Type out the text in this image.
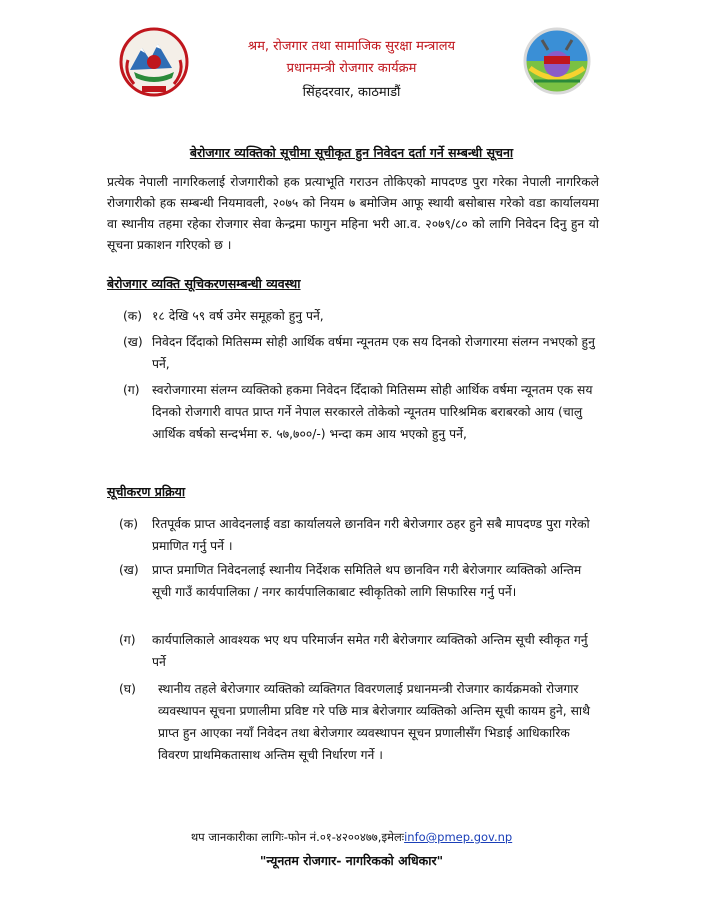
श्रम, रोजगार तथा सामाजिक सुरक्षा मन्त्रालय
प्रधानमन्त्री रोजगार कार्यक्रम
सिंहदरवार, काठमाडौं
बेरोजगार व्यक्तिको सूचीमा सूचीकृत हुन निवेदन दर्ता गर्ने सम्बन्धी सूचना
प्रत्येक नेपाली नागरिकलाई रोजगारीको हक प्रत्याभूति गराउन तोकिएको मापदण्ड पुरा गरेका नेपाली नागरिकले रोजगारीको हक सम्बन्धी नियमावली, २०७५ को नियम ७ बमोजिम आफू स्थायी बसोबास गरेको वडा कार्यालयमा वा स्थानीय तहमा रहेका रोजगार सेवा केन्द्रमा फागुन महिना भरी आ.व. २०७९/८० को लागि निवेदन दिनु हुन यो सूचना प्रकाशन गरिएको छ ।
बेरोजगार व्यक्ति सूचिकरणसम्बन्धी व्यवस्था
(क) १८ देखि ५९ वर्ष उमेर समूहको हुनु पर्ने,
(ख) निवेदन दिँदाको मितिसम्म सोही आर्थिक वर्षमा न्यूनतम एक सय दिनको रोजगारमा संलग्न नभएको हुनु पर्ने,
(ग) स्वरोजगारमा संलग्न व्यक्तिको हकमा निवेदन दिँदाको मितिसम्म सोही आर्थिक वर्षमा न्यूनतम एक सय दिनको रोजगारी वापत प्राप्त गर्ने नेपाल सरकारले तोकेको न्यूनतम पारिश्रमिक बराबरको आय (चालु आर्थिक वर्षको सन्दर्भमा रु. ५७,७००/-) भन्दा कम आय भएको हुनु पर्ने,
सूचीकरण प्रक्रिया
(क) रितपूर्वक प्राप्त आवेदनलाई वडा कार्यालयले छानविन गरी बेरोजगार ठहर हुने सबै मापदण्ड पुरा गरेको प्रमाणित गर्नु पर्ने ।
(ख) प्राप्त प्रमाणित निवेदनलाई स्थानीय निर्देशक समितिले थप छानविन गरी बेरोजगार व्यक्तिको अन्तिम सूची गाउँ कार्यपालिका / नगर कार्यपालिकाबाट स्वीकृतिको लागि सिफारिस गर्नु पर्ने।
(ग) कार्यपालिकाले आवश्यक भए थप परिमार्जन समेत गरी बेरोजगार व्यक्तिको अन्तिम सूची स्वीकृत गर्नु पर्ने
(घ) स्थानीय तहले बेरोजगार व्यक्तिको व्यक्तिगत विवरणलाई प्रधानमन्त्री रोजगार कार्यक्रमको रोजगार व्यवस्थापन सूचना प्रणालीमा प्रविष्ट गरे पछि मात्र बेरोजगार व्यक्तिको अन्तिम सूची कायम हुने, साथै प्राप्त हुन आएका नयाँ निवेदन तथा बेरोजगार व्यवस्थापन सूचन प्रणालीसँग भिडाई आधिकारिक विवरण प्राथमिकतासाथ अन्तिम सूची निर्धारण गर्ने ।
थप जानकारीका लागिः-फोन नं.०१-४२००४७७,इमेलःinfo@pmep.gov.np
"न्यूनतम रोजगार- नागरिकको अधिकार"
